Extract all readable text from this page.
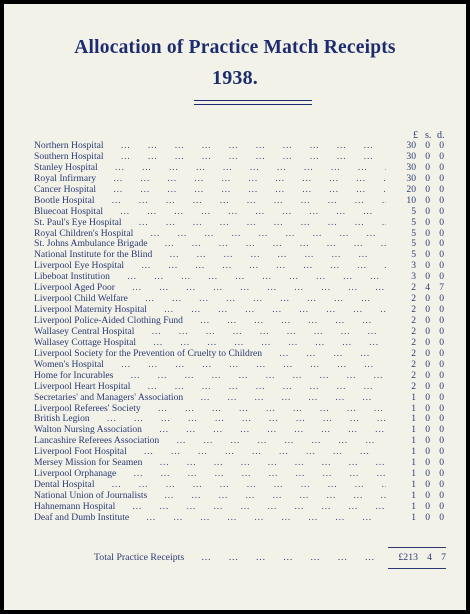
Allocation of Practice Match Receipts
1938.
£ s. d.
Northern Hospital … … … … … … … … … … … … … … … … … … … … … … … … … …	30 0 0
Southern Hospital … … … … … … … … … … … … … … … … … … … … … … … … … …	30 0 0
Stanley Hospital … … … … … … … … … … … … … … … … … … … … … … … … … …	30 0 0
Royal Infirmary … … … … … … … … … … … … … … … … … … … … … … … … … …	30 0 0
Cancer Hospital … … … … … … … … … … … … … … … … … … … … … … … … … …	20 0 0
Bootle Hospital … … … … … … … … … … … … … … … … … … … … … … … … … …	10 0 0
Bluecoat Hospital … … … … … … … … … … … … … … … … … … … … … … … … … …	5 0 0
St. Paul's Eye Hospital … … … … … … … … … … … … … … … … … … … … … … … … … …	5 0 0
Royal Children's Hospital … … … … … … … … … … … … … … … … … … … … … … … … … …	5 0 0
St. Johns Ambulance Brigade … … … … … … … … … … … … … … … … … … … … … … … … … …	5 0 0
National Institute for the Blind … … … … … … … … … … … … … … … … … … … … … … … … … …	5 0 0
Liverpool Eye Hospital … … … … … … … … … … … … … … … … … … … … … … … … … …	3 0 0
Libeboat Institution … … … … … … … … … … … … … … … … … … … … … … … … … …	3 0 0
Liverpool Aged Poor … … … … … … … … … … … … … … … … … … … … … … … … … …	2 4 7
Liverpool Child Welfare … … … … … … … … … … … … … … … … … … … … … … … … … …	2 0 0
Liverpool Maternity Hospital … … … … … … … … … … … … … … … … … … … … … … … … … …	2 0 0
Liverpool Police-Aided Clothing Fund … … … … … … … … … … … … … … … … … … … … … … … … … …	2 0 0
Wallasey Central Hospital … … … … … … … … … … … … … … … … … … … … … … … … … …	2 0 0
Wallasey Cottage Hospital … … … … … … … … … … … … … … … … … … … … … … … … … …	2 0 0
Liverpool Society for the Prevention of Cruelty to Children … … … … … … … … … … … … … … … … … … … … … … … … … …	2 0 0
Women's Hospital … … … … … … … … … … … … … … … … … … … … … … … … … …	2 0 0
Home for Incurables … … … … … … … … … … … … … … … … … … … … … … … … … …	2 0 0
Liverpool Heart Hospital … … … … … … … … … … … … … … … … … … … … … … … … … …	2 0 0
Secretaries' and Managers' Association … … … … … … … … … … … … … … … … … … … … … … … … … …	1 0 0
Liverpool Referees' Society … … … … … … … … … … … … … … … … … … … … … … … … … …	1 0 0
British Legion … … … … … … … … … … … … … … … … … … … … … … … … … …	1 0 0
Walton Nursing Association … … … … … … … … … … … … … … … … … … … … … … … … … …	1 0 0
Lancashire Referees Association … … … … … … … … … … … … … … … … … … … … … … … … … …	1 0 0
Liverpool Foot Hospital … … … … … … … … … … … … … … … … … … … … … … … … … …	1 0 0
Mersey Mission for Seamen … … … … … … … … … … … … … … … … … … … … … … … … … …	1 0 0
Liverpool Orphanage … … … … … … … … … … … … … … … … … … … … … … … … … …	1 0 0
Dental Hospital … … … … … … … … … … … … … … … … … … … … … … … … … …	1 0 0
National Union of Journalists … … … … … … … … … … … … … … … … … … … … … … … … … …	1 0 0
Hahnemann Hospital … … … … … … … … … … … … … … … … … … … … … … … … … …	1 0 0
Deaf and Dumb Institute … … … … … … … … … … … … … … … … … … … … … … … … … …	1 0 0
Total Practice Receipts … … … … … … … … … … … … … …	£213 4 7
